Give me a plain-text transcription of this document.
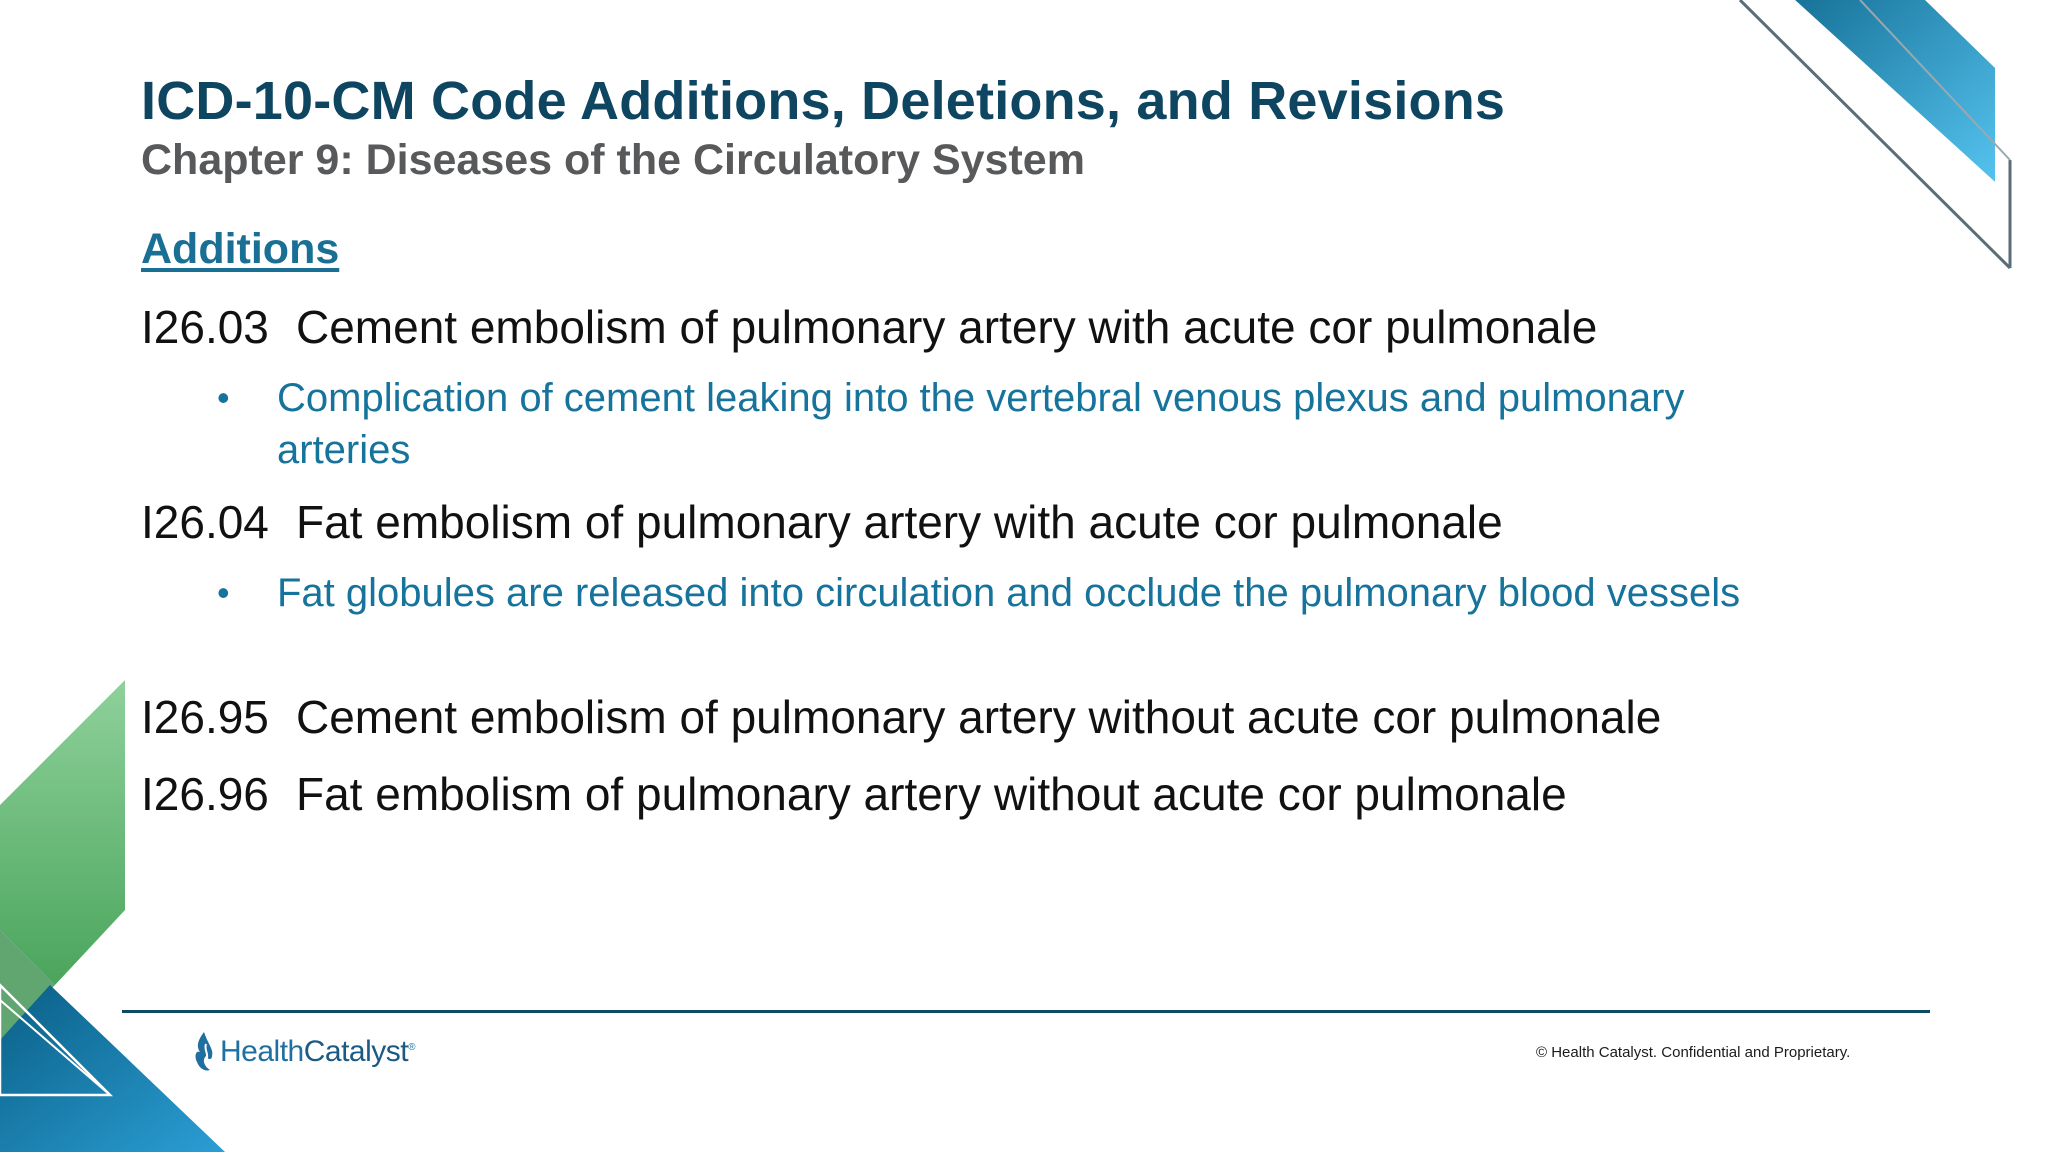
ICD-10-CM Code Additions, Deletions, and Revisions
Chapter 9: Diseases of the Circulatory System
Additions
I26.03 Cement embolism of pulmonary artery with acute cor pulmonale
• Complication of cement leaking into the vertebral venous plexus and pulmonary arteries
I26.04 Fat embolism of pulmonary artery with acute cor pulmonale
• Fat globules are released into circulation and occlude the pulmonary blood vessels
I26.95 Cement embolism of pulmonary artery without acute cor pulmonale
I26.96 Fat embolism of pulmonary artery without acute cor pulmonale
HealthCatalyst®	© Health Catalyst. Confidential and Proprietary.
